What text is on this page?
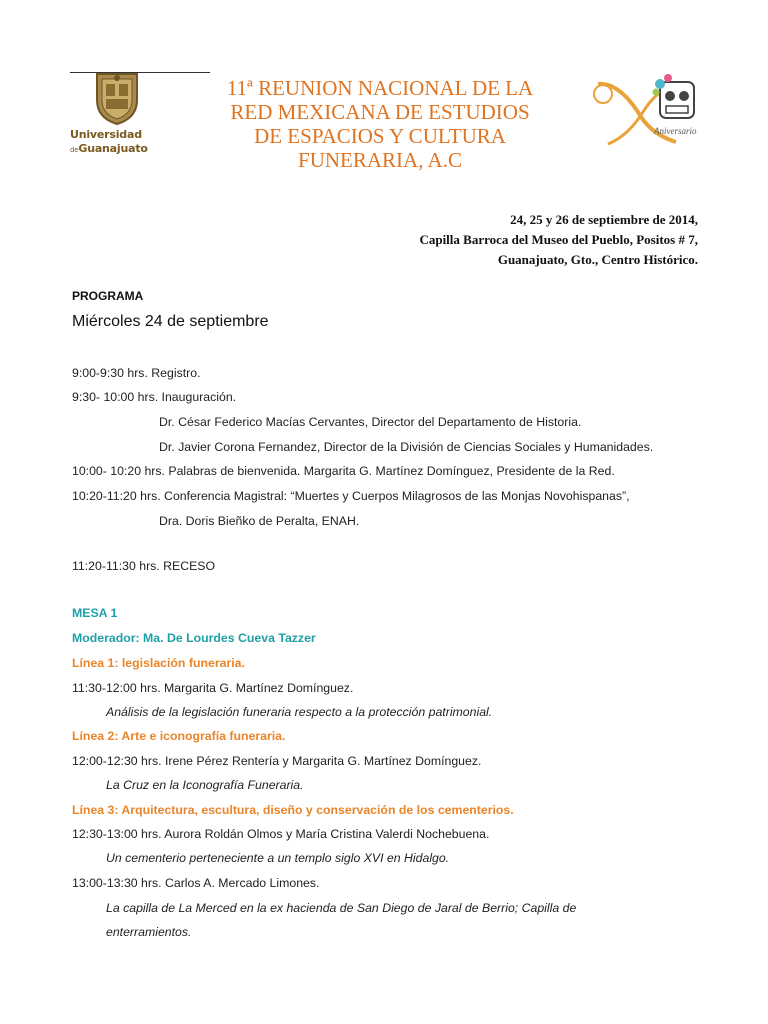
Universidad
deGuanajuato
11ª REUNION NACIONAL DE LA
RED MEXICANA DE ESTUDIOS
DE ESPACIOS Y CULTURA
FUNERARIA, A.C
Aniversario
24, 25 y 26 de septiembre de 2014,
Capilla Barroca del Museo del Pueblo, Positos # 7,
Guanajuato, Gto., Centro Histórico.
PROGRAMA
Miércoles 24 de septiembre
9:00-9:30 hrs. Registro.
9:30- 10:00 hrs. Inauguración.
Dr. César Federico Macías Cervantes, Director del Departamento de Historia.
Dr. Javier Corona Fernandez, Director de la División de Ciencias Sociales y Humanidades.
10:00- 10:20 hrs. Palabras de bienvenida. Margarita G. Martínez Domínguez, Presidente de la Red.
10:20-11:20 hrs. Conferencia Magistral: “Muertes y Cuerpos Milagrosos de las Monjas Novohispanas”,
Dra. Doris Bieñko de Peralta, ENAH.
11:20-11:30 hrs. RECESO
MESA 1
Moderador: Ma. De Lourdes Cueva Tazzer
Línea 1: legislación funeraria.
11:30-12:00 hrs. Margarita G. Martínez Domínguez.
Análisis de la legislación funeraria respecto a la protección patrimonial.
Línea 2: Arte e iconografía funeraria.
12:00-12:30 hrs. Irene Pérez Rentería y Margarita G. Martínez Domínguez.
La Cruz en la Iconografía Funeraria.
Línea 3: Arquitectura, escultura, diseño y conservación de los cementerios.
12:30-13:00 hrs. Aurora Roldán Olmos y María Cristina Valerdi Nochebuena.
Un cementerio perteneciente a un templo siglo XVI en Hidalgo.
13:00-13:30 hrs. Carlos A. Mercado Limones.
La capilla de La Merced en la ex hacienda de San Diego de Jaral de Berrio; Capilla de
enterramientos.
